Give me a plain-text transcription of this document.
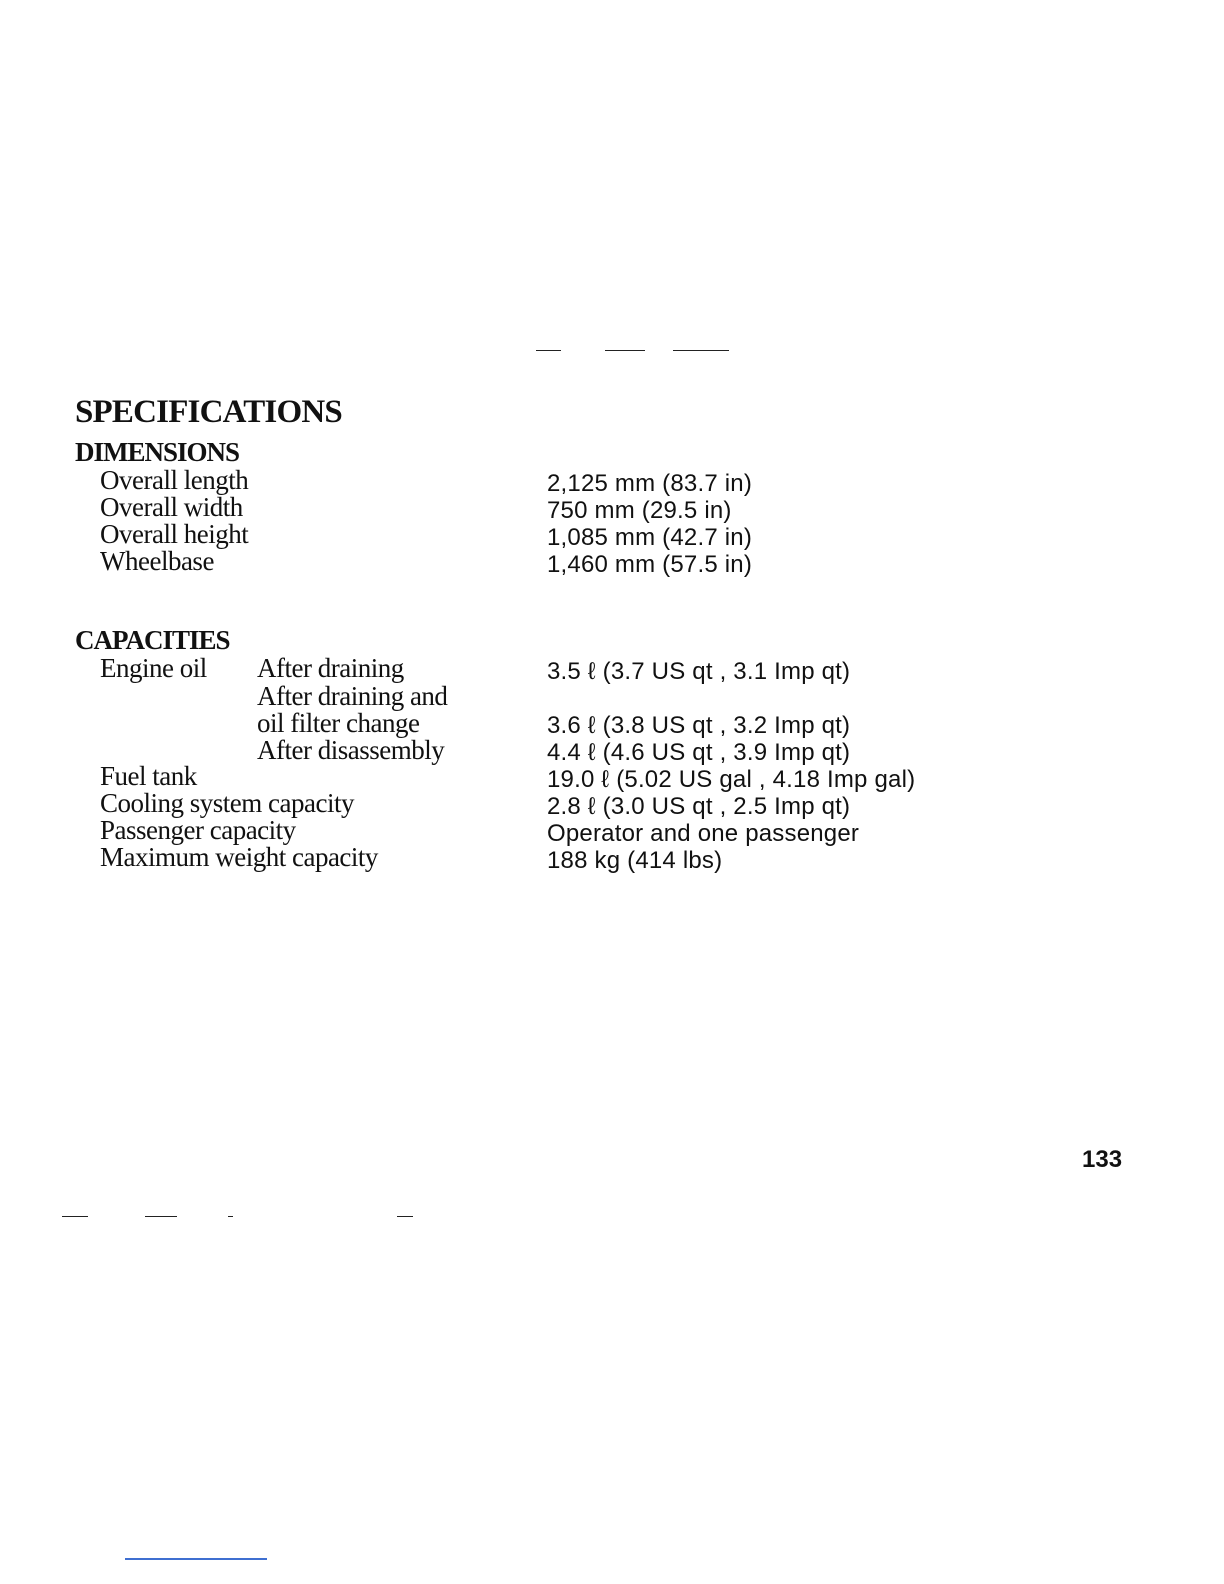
SPECIFICATIONS
DIMENSIONS
Overall length	2,125 mm (83.7 in)
Overall width	750 mm (29.5 in)
Overall height	1,085 mm (42.7 in)
Wheelbase	1,460 mm (57.5 in)
CAPACITIES
Engine oil After draining	3.5 ℓ (3.7 US qt , 3.1 Imp qt)
After draining and
oil filter change	3.6 ℓ (3.8 US qt , 3.2 Imp qt)
After disassembly	4.4 ℓ (4.6 US qt , 3.9 Imp qt)
Fuel tank	19.0 ℓ (5.02 US gal , 4.18 Imp gal)
Cooling system capacity	2.8 ℓ (3.0 US qt , 2.5 Imp qt)
Passenger capacity	Operator and one passenger
Maximum weight capacity	188 kg (414 lbs)
133
